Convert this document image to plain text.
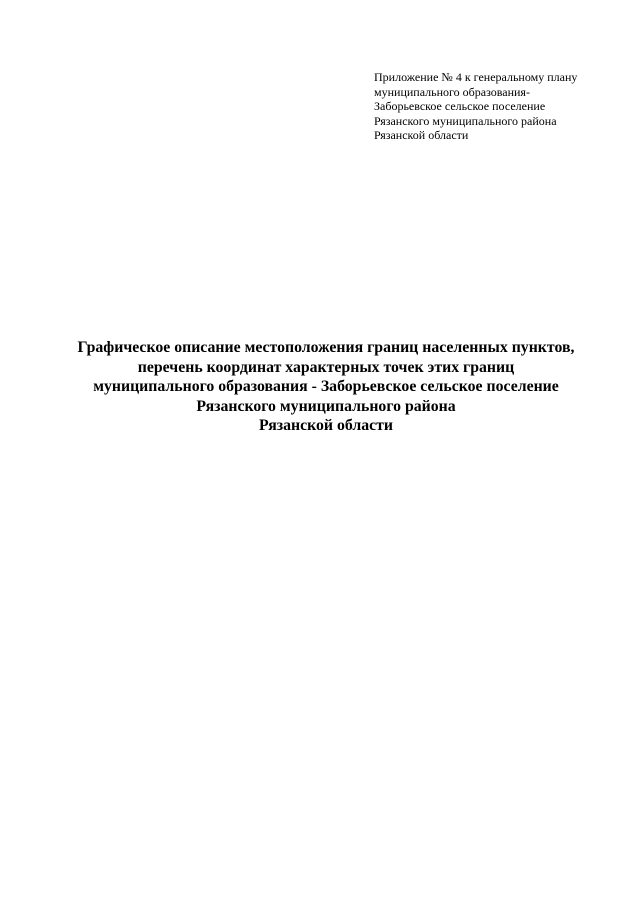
Приложение № 4 к генеральному плану
муниципального образования-
Заборьевское сельское поселение
Рязанского муниципального района
Рязанской области
Графическое описание местоположения границ населенных пунктов,
перечень координат характерных точек этих границ
муниципального образования - Заборьевское сельское поселение
Рязанского муниципального района
Рязанской области
